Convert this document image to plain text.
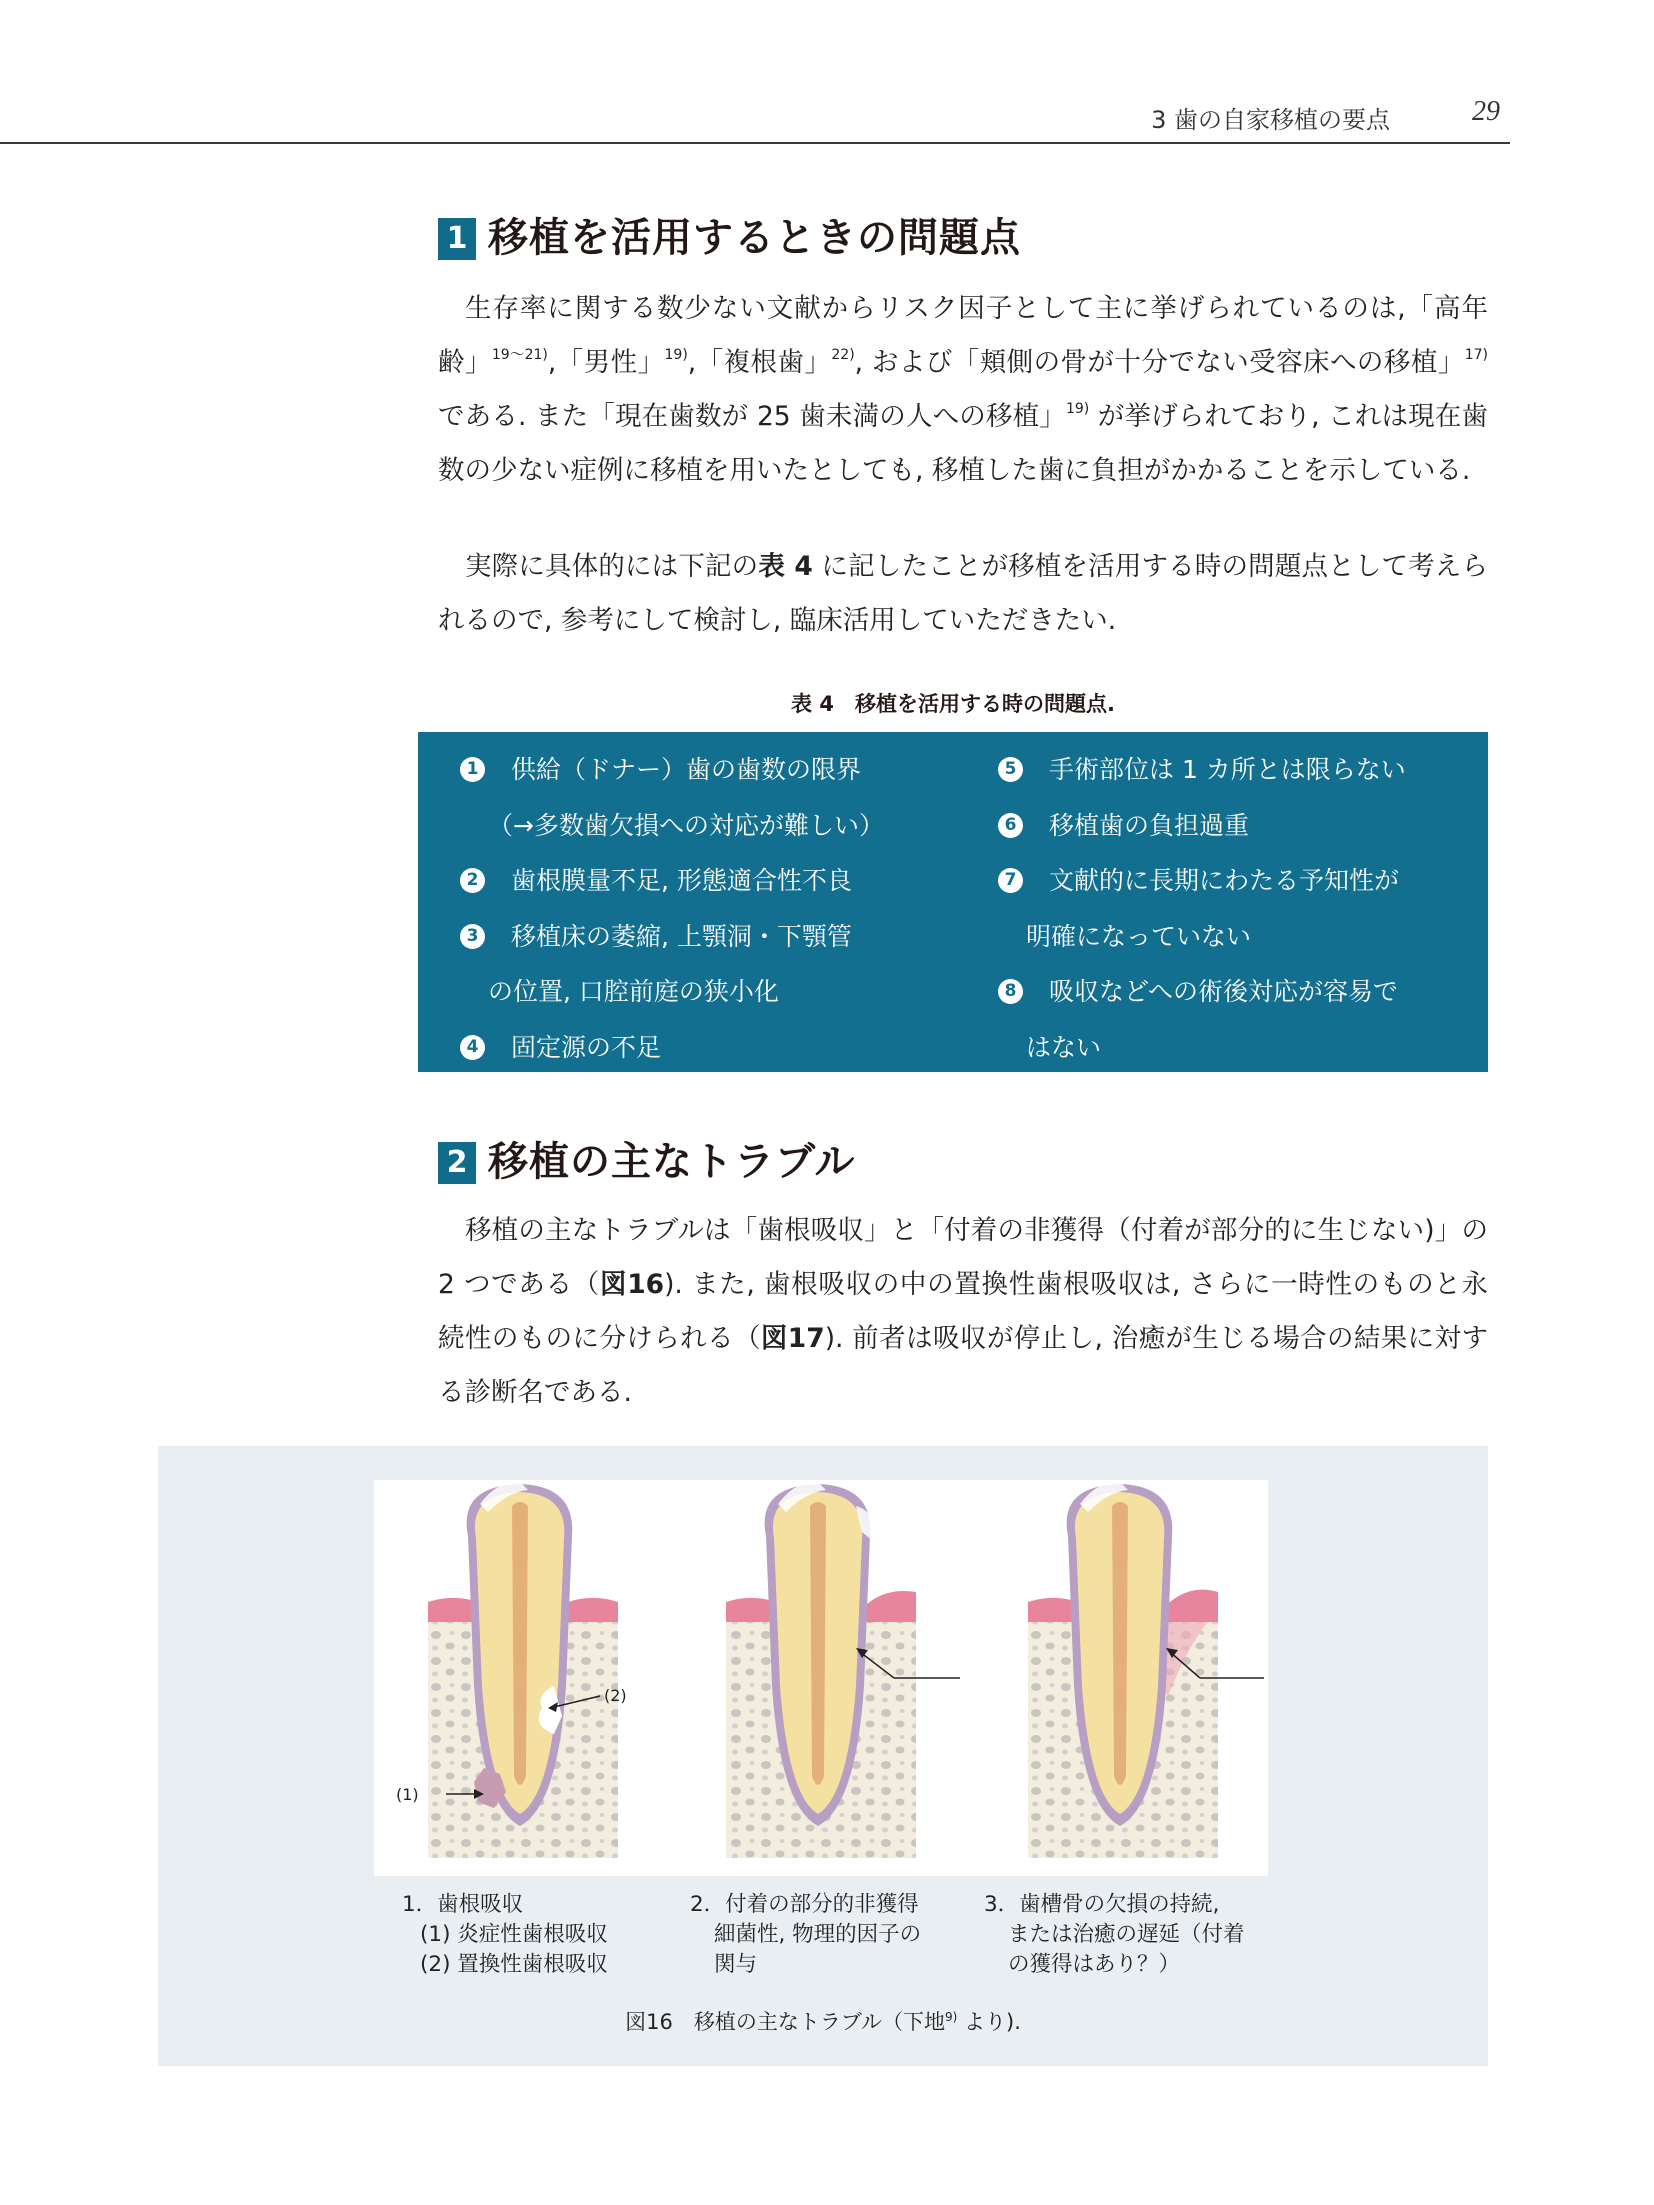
3 歯の自家移植の要点	29
1 移植を活用するときの問題点

生存率に関する数少ない文献からリスク因子として主に挙げられているのは,「高年齢」$^{19\sim 21)}$,「男性」$^{19)}$,「複根歯」$^{22)}$, および「頬側の骨が十分でない受容床への移植」$^{17)}$ である. また「現在歯数が 25 歯未満の人への移植」$^{19)}$ が挙げられており, これは現在歯数の少ない症例に移植を用いたとしても, 移植した歯に負担がかかることを示している.

実際に具体的には下記の表 4 に記したことが移植を活用する時の問題点として考えられるので, 参考にして検討し, 臨床活用していただきたい.

表 4　移植を活用する時の問題点.
1 供給（ドナー）歯の歯数の限界
（→多数歯欠損への対応が難しい）
2 歯根膜量不足, 形態適合性不良
3 移植床の萎縮, 上顎洞・下顎管
の位置, 口腔前庭の狭小化
4 固定源の不足
5 手術部位は 1 カ所とは限らない
6 移植歯の負担過重
7 文献的に長期にわたる予知性が
明確になっていない
8 吸収などへの術後対応が容易で
はない
2 移植の主なトラブル

移植の主なトラブルは「歯根吸収」と「付着の非獲得（付着が部分的に生じない)」の 2 つである（図16). また, 歯根吸収の中の置換性歯根吸収は, さらに一時性のものと永続性のものに分けられる（図17). 前者は吸収が停止し, 治癒が生じる場合の結果に対する診断名である.

(2)
(1)
1．歯根吸収
(1) 炎症性歯根吸収
(2) 置換性歯根吸収
2．付着の部分的非獲得
細菌性, 物理的因子の
関与
3．歯槽骨の欠損の持続,
または治癒の遅延（付着
の獲得はあり？）
図16　移植の主なトラブル（下地$^{9)}$ より).
